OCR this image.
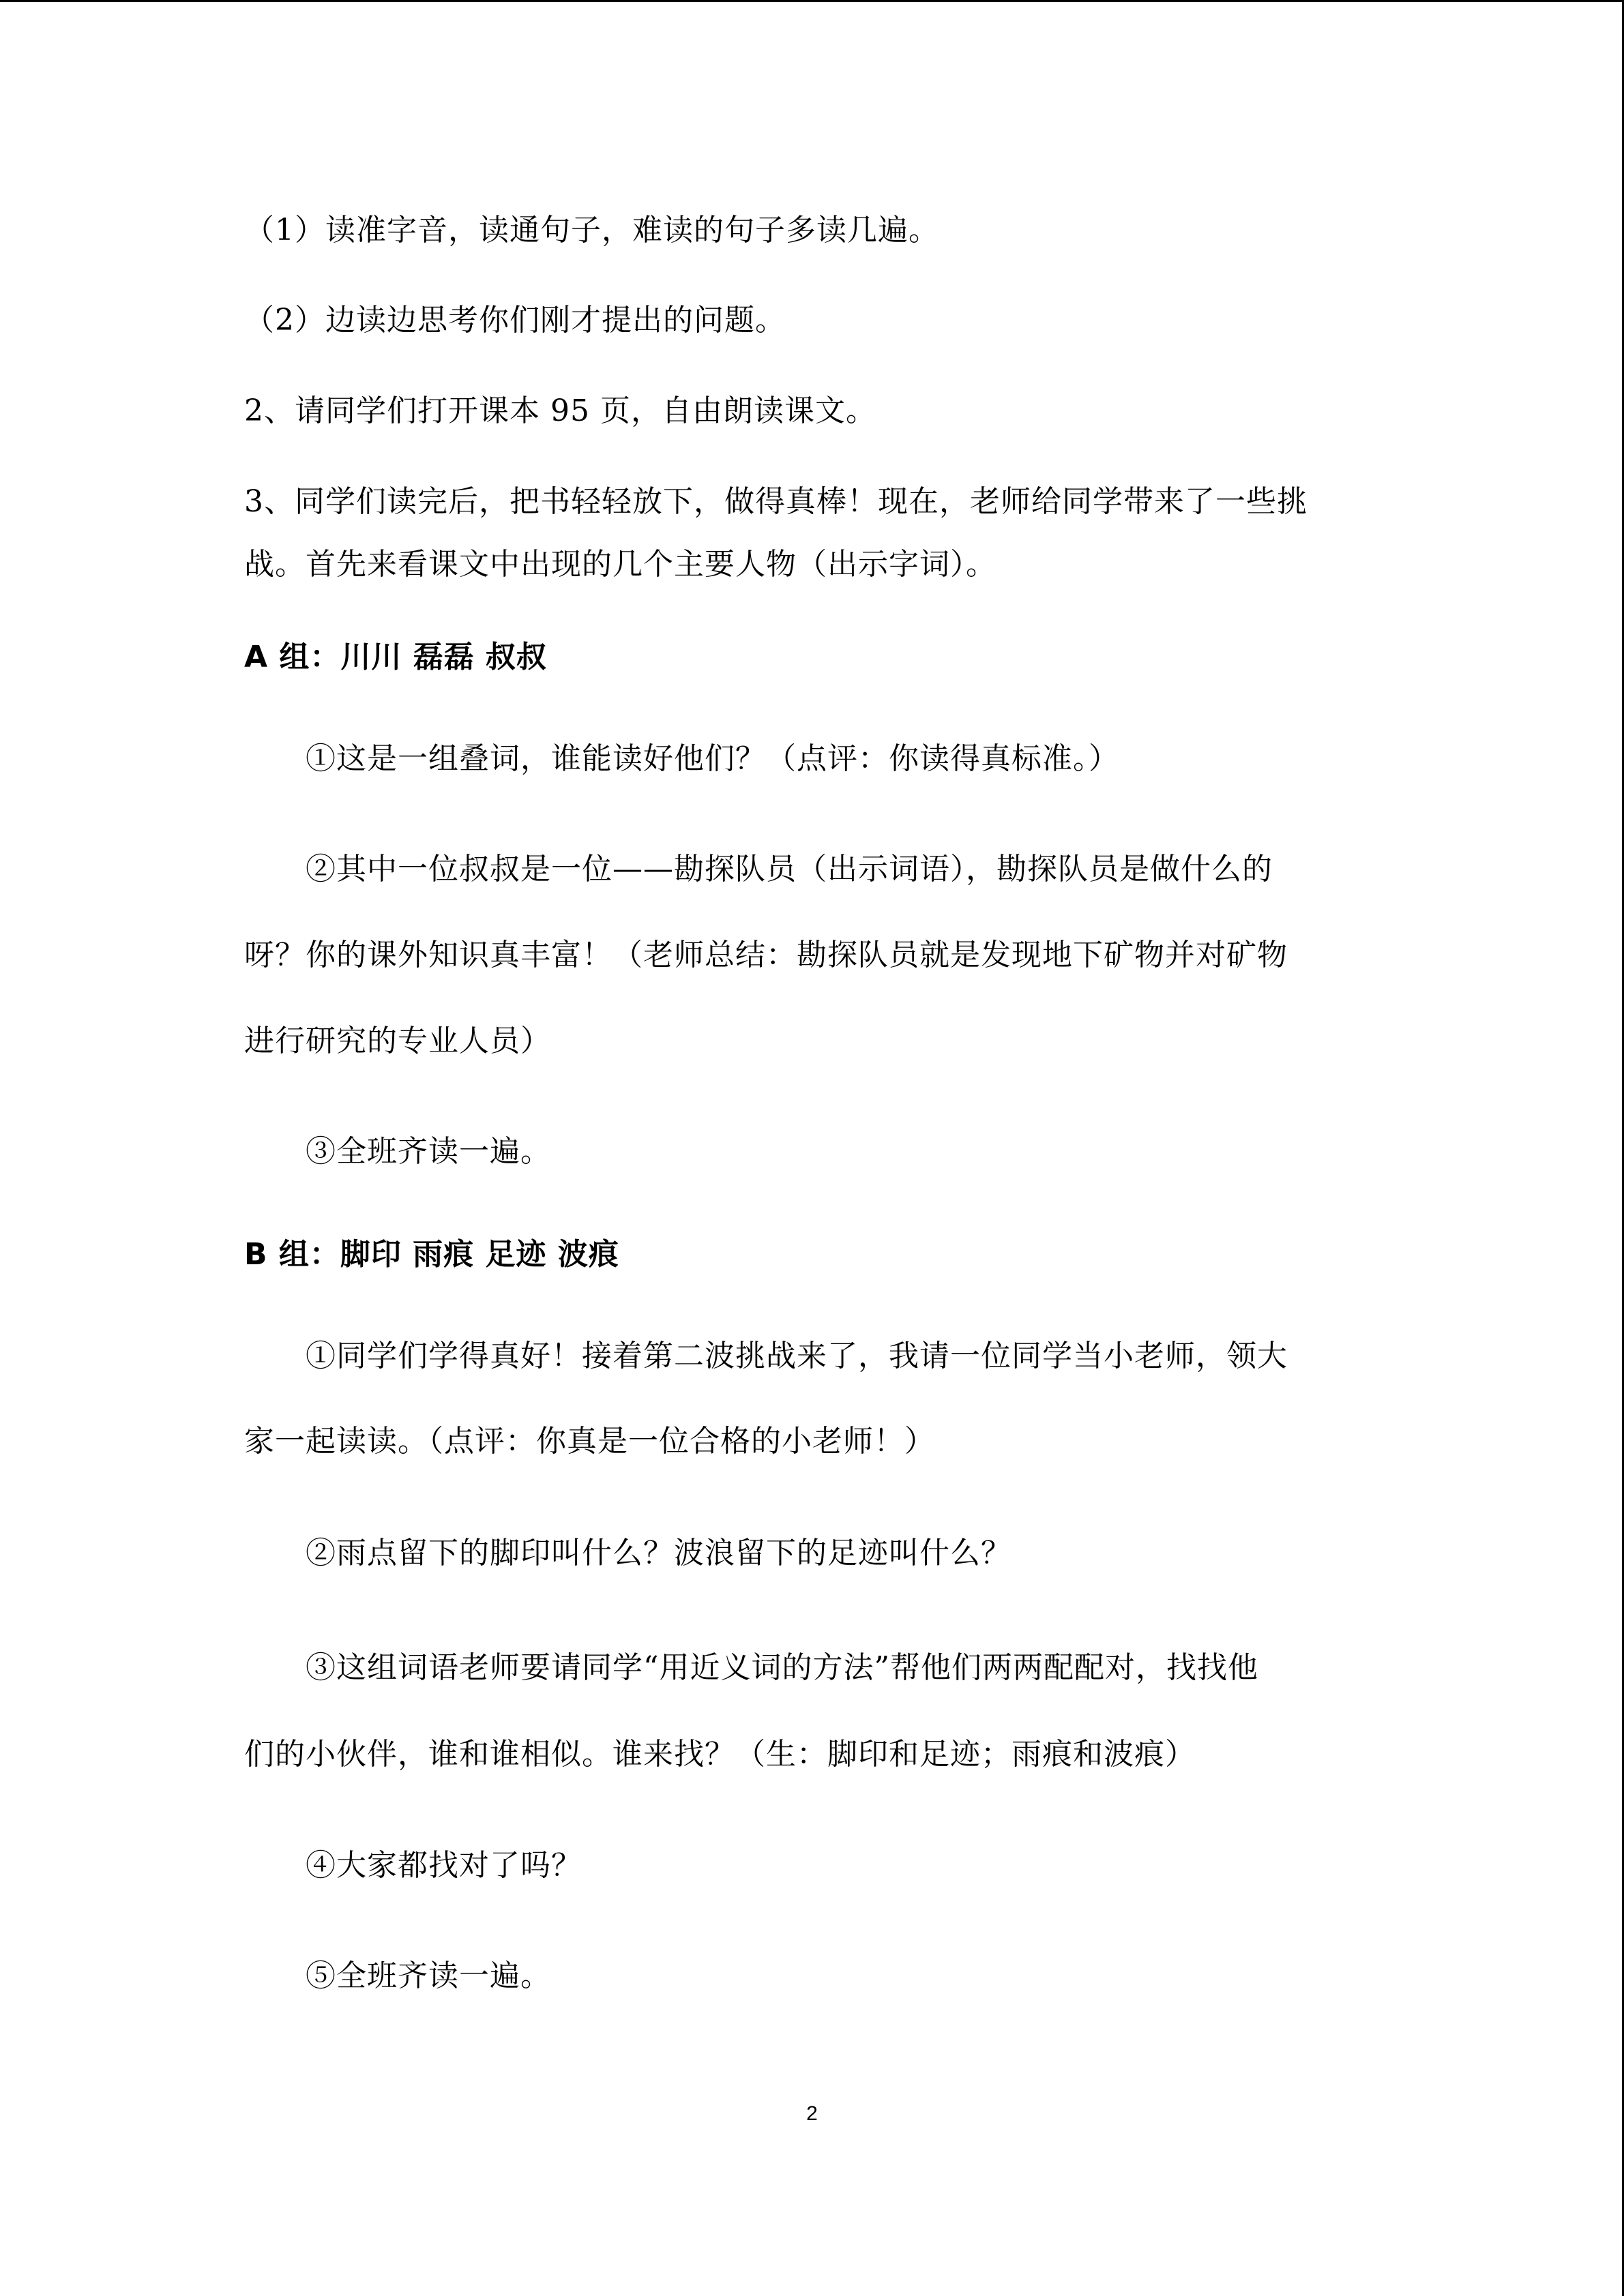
（1）读准字音，读通句子，难读的句子多读几遍。
（2）边读边思考你们刚才提出的问题。
2、请同学们打开课本 95 页，自由朗读课文。
3、同学们读完后，把书轻轻放下，做得真棒！现在，老师给同学带来了一些挑
战。首先来看课文中出现的几个主要人物（出示字词）。
A 组：川川 磊磊 叔叔
①这是一组叠词，谁能读好他们？（点评：你读得真标准。）
②其中一位叔叔是一位——勘探队员（出示词语），勘探队员是做什么的
呀？你的课外知识真丰富！（老师总结：勘探队员就是发现地下矿物并对矿物
进行研究的专业人员）
③全班齐读一遍。
B 组：脚印 雨痕 足迹 波痕
①同学们学得真好！接着第二波挑战来了，我请一位同学当小老师，领大
家一起读读。（点评：你真是一位合格的小老师！）
②雨点留下的脚印叫什么？波浪留下的足迹叫什么？
③这组词语老师要请同学“用近义词的方法”帮他们两两配配对，找找他
们的小伙伴，谁和谁相似。谁来找？（生：脚印和足迹；雨痕和波痕）
④大家都找对了吗？
⑤全班齐读一遍。
2
